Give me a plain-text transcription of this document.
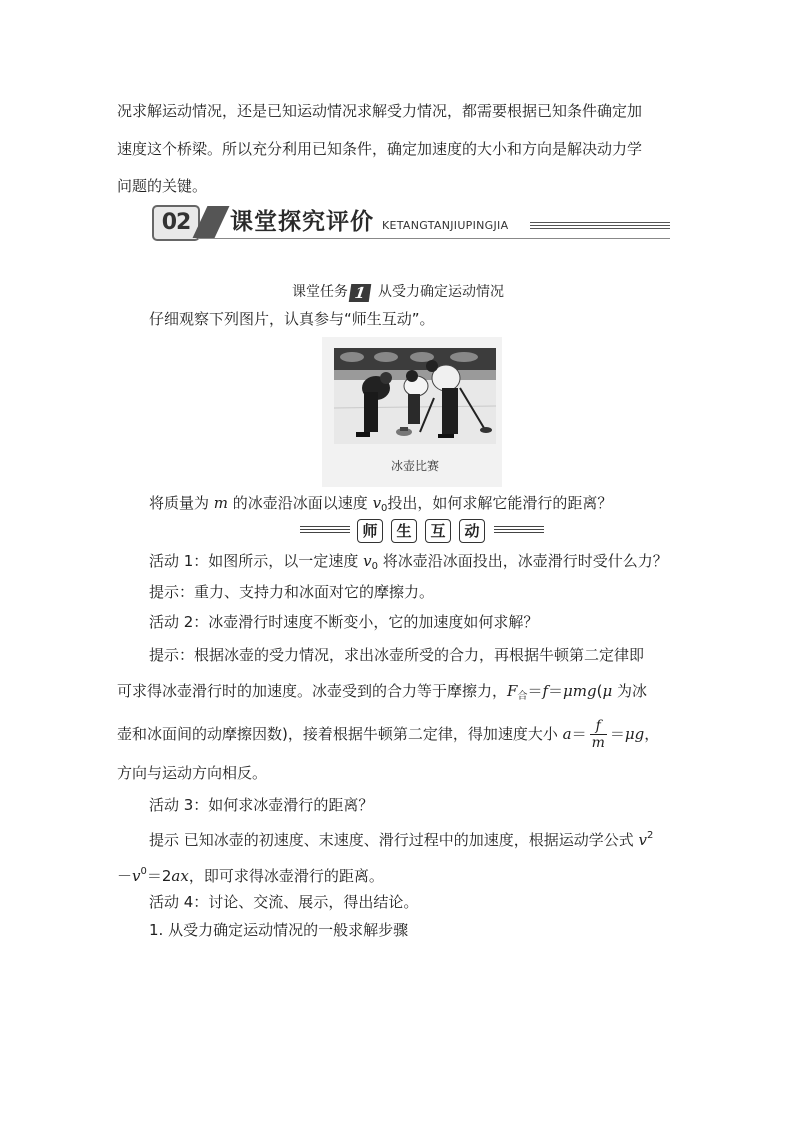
况求解运动情况，还是已知运动情况求解受力情况，都需要根据已知条件确定加
速度这个桥梁。所以充分利用已知条件，确定加速度的大小和方向是解决动力学
问题的关键。
02	课堂探究评价 KETANGTANJIUPINGJIA
课堂任务 1 从受力确定运动情况
仔细观察下列图片，认真参与“师生互动”。
冰壶比赛
将质量为 m 的冰壶沿冰面以速度 $v_0$投出，如何求解它能滑行的距离？
师	生	互	动
活动 1：如图所示，以一定速度 $v_0$ 将冰壶沿冰面投出，冰壶滑行时受什么力？
提示：重力、支持力和冰面对它的摩擦力。
活动 2：冰壶滑行时速度不断变小，它的加速度如何求解？
提示：根据冰壶的受力情况，求出冰壶所受的合力，再根据牛顿第二定律即
可求得冰壶滑行时的加速度。冰壶受到的合力等于摩擦力，$F_合=f=\mu mg(\mu$ 为冰
壶和冰面间的动摩擦因数)，接着根据牛顿第二定律，得加速度大小 $a= \frac{f}{m} =\mu g$，
方向与运动方向相反。
活动 3：如何求冰壶滑行的距离？
提示 已知冰壶的初速度、末速度、滑行过程中的加速度，根据运动学公式 $v^2$
$-v^0=2ax$，即可求得冰壶滑行的距离。
活动 4：讨论、交流、展示，得出结论。
1. 从受力确定运动情况的一般求解步骤
